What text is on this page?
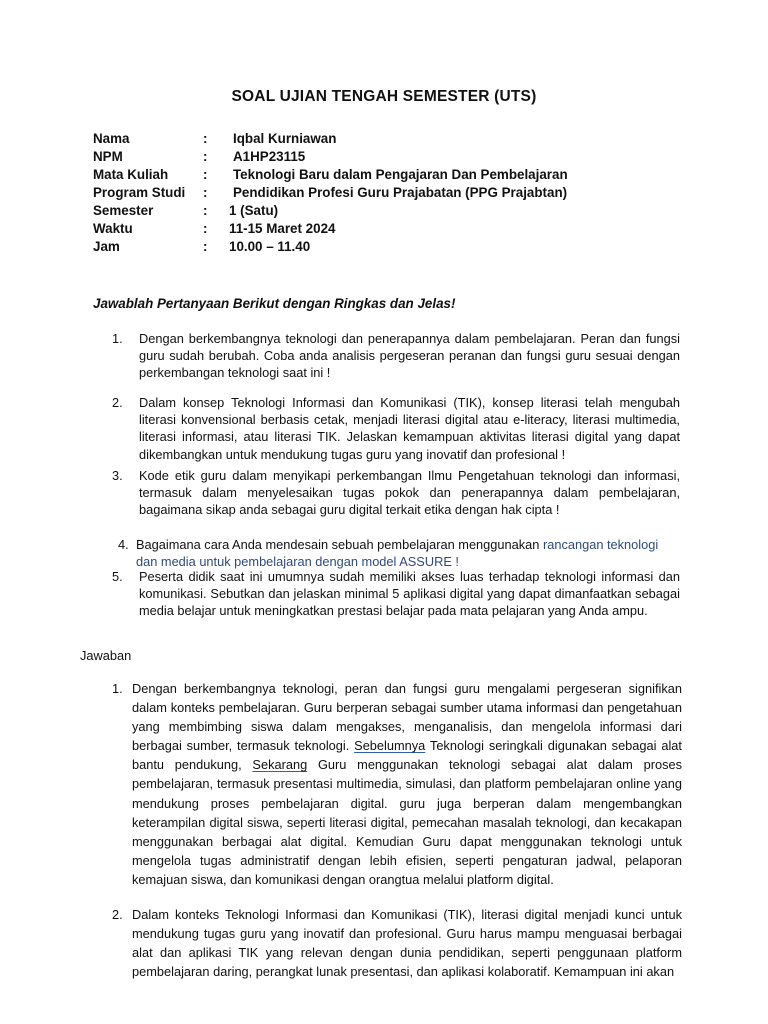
SOAL UJIAN TENGAH SEMESTER (UTS)
Nama	:	Iqbal Kurniawan
NPM	:	A1HP23115
Mata Kuliah	:	Teknologi Baru dalam Pengajaran Dan Pembelajaran
Program Studi	:	Pendidikan Profesi Guru Prajabatan (PPG Prajabtan)
Semester	:	1 (Satu)
Waktu	:	11-15 Maret 2024
Jam	:	10.00 – 11.40
Jawablah Pertanyaan Berikut dengan Ringkas dan Jelas!
1.	Dengan berkembangnya teknologi dan penerapannya dalam pembelajaran. Peran dan fungsi guru sudah berubah. Coba anda analisis pergeseran peranan dan fungsi guru sesuai dengan perkembangan teknologi saat ini !
2.	Dalam konsep Teknologi Informasi dan Komunikasi (TIK), konsep literasi telah mengubah literasi konvensional berbasis cetak, menjadi literasi digital atau e-literacy, literasi multimedia, literasi informasi, atau literasi TIK. Jelaskan kemampuan aktivitas literasi digital yang dapat dikembangkan untuk mendukung tugas guru yang inovatif dan profesional !
3.	Kode etik guru dalam menyikapi perkembangan Ilmu Pengetahuan teknologi dan informasi, termasuk dalam menyelesaikan tugas pokok dan penerapannya dalam pembelajaran, bagaimana sikap anda sebagai guru digital terkait etika dengan hak cipta !
4. Bagaimana cara Anda mendesain sebuah pembelajaran menggunakan rancangan teknologi dan media untuk pembelajaran dengan model ASSURE !
5.	Peserta didik saat ini umumnya sudah memiliki akses luas terhadap teknologi informasi dan komunikasi. Sebutkan dan jelaskan minimal 5 aplikasi digital yang dapat dimanfaatkan sebagai media belajar untuk meningkatkan prestasi belajar pada mata pelajaran yang Anda ampu.
Jawaban
1. Dengan berkembangnya teknologi, peran dan fungsi guru mengalami pergeseran signifikan dalam konteks pembelajaran. Guru berperan sebagai sumber utama informasi dan pengetahuan yang membimbing siswa dalam mengakses, menganalisis, dan mengelola informasi dari berbagai sumber, termasuk teknologi. Sebelumnya Teknologi seringkali digunakan sebagai alat bantu pendukung, Sekarang Guru menggunakan teknologi sebagai alat dalam proses pembelajaran, termasuk presentasi multimedia, simulasi, dan platform pembelajaran online yang mendukung proses pembelajaran digital. guru juga berperan dalam mengembangkan keterampilan digital siswa, seperti literasi digital, pemecahan masalah teknologi, dan kecakapan menggunakan berbagai alat digital. Kemudian Guru dapat menggunakan teknologi untuk mengelola tugas administratif dengan lebih efisien, seperti pengaturan jadwal, pelaporan kemajuan siswa, dan komunikasi dengan orangtua melalui platform digital.
2. Dalam konteks Teknologi Informasi dan Komunikasi (TIK), literasi digital menjadi kunci untuk mendukung tugas guru yang inovatif dan profesional. Guru harus mampu menguasai berbagai alat dan aplikasi TIK yang relevan dengan dunia pendidikan, seperti penggunaan platform pembelajaran daring, perangkat lunak presentasi, dan aplikasi kolaboratif. Kemampuan ini akan
